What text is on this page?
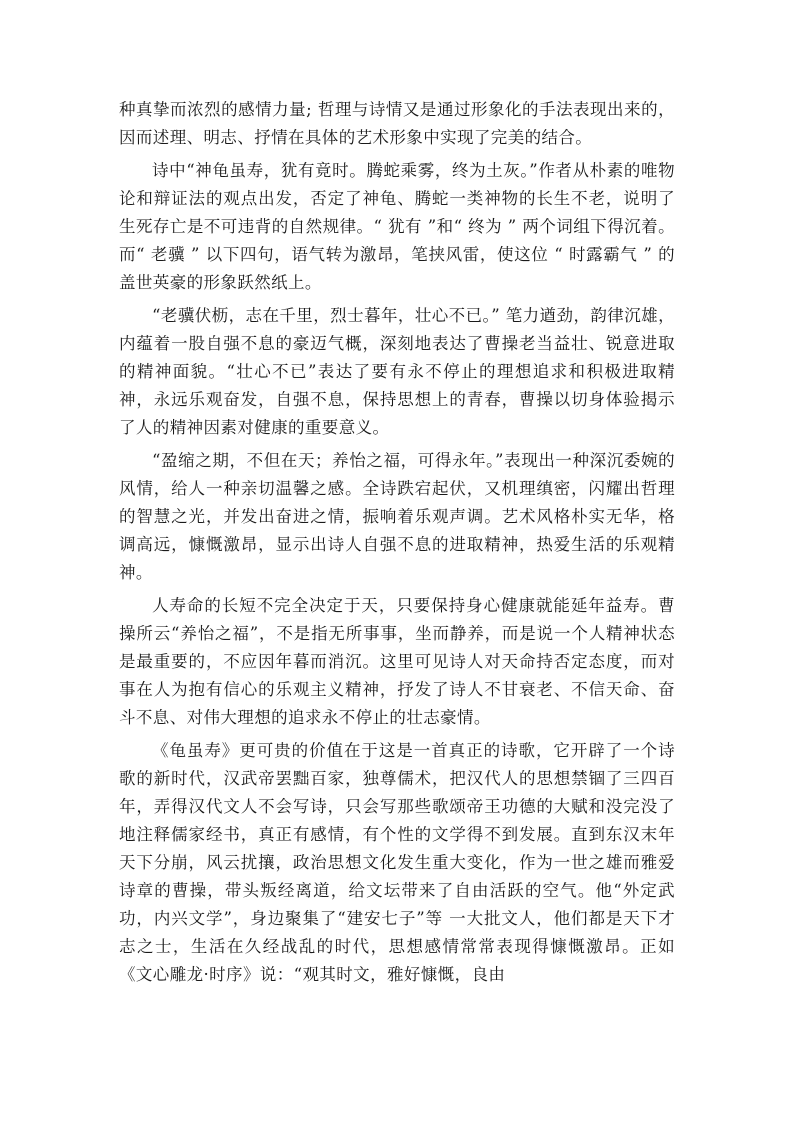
种真挚而浓烈的感情力量; 哲理与诗情又是通过形象化的手法表现出来的，因而述理、明志、抒情在具体的艺术形象中实现了完美的结合。

诗中“神龟虽寿，犹有竟时。腾蛇乘雾，终为土灰。”作者从朴素的唯物论和辩证法的观点出发，否定了神龟、腾蛇一类神物的长生不老，说明了生死存亡是不可违背的自然规律。“ 犹有 ”和“ 终为 ” 两个词组下得沉着。而“ 老骥 ” 以下四句，语气转为激昂，笔挟风雷，使这位 “ 时露霸气 ” 的盖世英豪的形象跃然纸上。

“老骥伏枥，志在千里，烈士暮年，壮心不已。” 笔力遒劲，韵律沉雄，内蕴着一股自强不息的豪迈气概，深刻地表达了曹操老当益壮、锐意进取的精神面貌。“壮心不已”表达了要有永不停止的理想追求和积极进取精神，永远乐观奋发，自强不息，保持思想上的青春，曹操以切身体验揭示了人的精神因素对健康的重要意义。

“盈缩之期，不但在天；养怡之福，可得永年。”表现出一种深沉委婉的风情，给人一种亲切温馨之感。全诗跌宕起伏，又机理缜密，闪耀出哲理的智慧之光，并发出奋进之情，振响着乐观声调。艺术风格朴实无华，格调高远，慷慨激昂，显示出诗人自强不息的进取精神，热爱生活的乐观精神。

人寿命的长短不完全决定于天，只要保持身心健康就能延年益寿。曹操所云“养怡之福”，不是指无所事事，坐而静养，而是说一个人精神状态是最重要的，不应因年暮而消沉。这里可见诗人对天命持否定态度，而对事在人为抱有信心的乐观主义精神，抒发了诗人不甘衰老、不信天命、奋斗不息、对伟大理想的追求永不停止的壮志豪情。

《龟虽寿》更可贵的价值在于这是一首真正的诗歌，它开辟了一个诗歌的新时代，汉武帝罢黜百家，独尊儒术，把汉代人的思想禁锢了三四百年，弄得汉代文人不会写诗，只会写那些歌颂帝王功德的大赋和没完没了地注释儒家经书，真正有感情，有个性的文学得不到发展。直到东汉末年天下分崩，风云扰攘，政治思想文化发生重大变化，作为一世之雄而雅爱诗章的曹操，带头叛经离道，给文坛带来了自由活跃的空气。他“外定武功，内兴文学”，身边聚集了“建安七子”等 一大批文人，他们都是天下才志之士，生活在久经战乱的时代，思想感情常常表现得慷慨激昂。正如《文心雕龙·时序》说：“观其时文，雅好慷慨，良由
